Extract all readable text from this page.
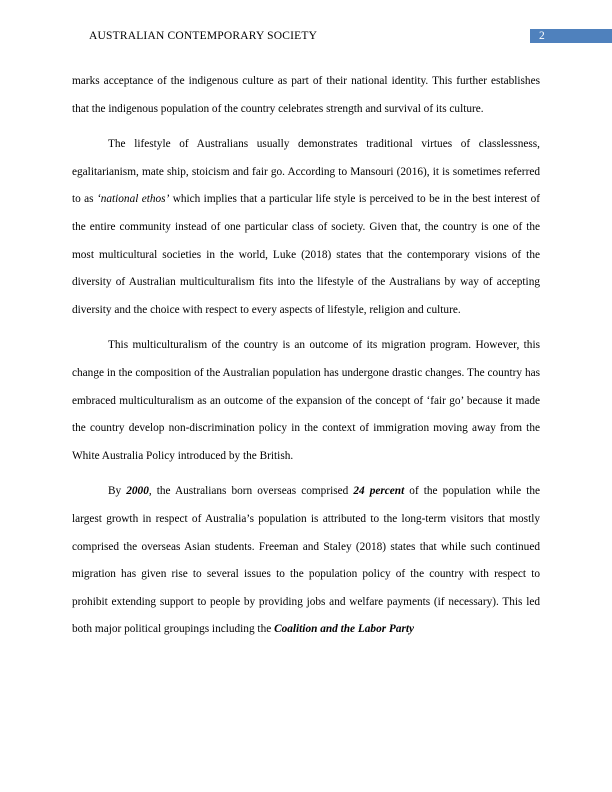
AUSTRALIAN CONTEMPORARY SOCIETY	2

marks acceptance of the indigenous culture as part of their national identity. This further establishes that the indigenous population of the country celebrates strength and survival of its culture.

The lifestyle of Australians usually demonstrates traditional virtues of classlessness, egalitarianism, mate ship, stoicism and fair go. According to Mansouri (2016), it is sometimes referred to as ‘national ethos’ which implies that a particular life style is perceived to be in the best interest of the entire community instead of one particular class of society. Given that, the country is one of the most multicultural societies in the world, Luke (2018) states that the contemporary visions of the diversity of Australian multiculturalism fits into the lifestyle of the Australians by way of accepting diversity and the choice with respect to every aspects of lifestyle, religion and culture.

This multiculturalism of the country is an outcome of its migration program. However, this change in the composition of the Australian population has undergone drastic changes. The country has embraced multiculturalism as an outcome of the expansion of the concept of ‘fair go’ because it made the country develop non-discrimination policy in the context of immigration moving away from the White Australia Policy introduced by the British.

By 2000, the Australians born overseas comprised 24 percent of the population while the largest growth in respect of Australia’s population is attributed to the long-term visitors that mostly comprised the overseas Asian students. Freeman and Staley (2018) states that while such continued migration has given rise to several issues to the population policy of the country with respect to prohibit extending support to people by providing jobs and welfare payments (if necessary). This led both major political groupings including the Coalition and the Labor Party
